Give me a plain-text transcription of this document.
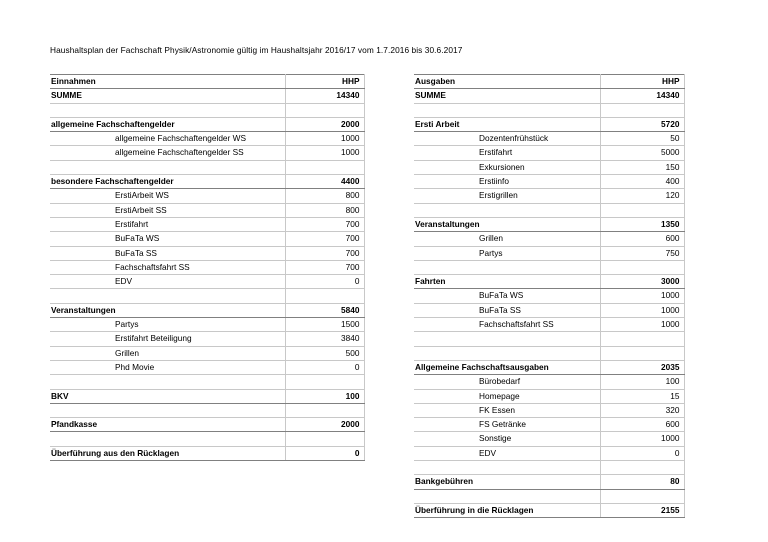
Haushaltsplan der Fachschaft Physik/Astronomie gültig im Haushaltsjahr 2016/17 vom 1.7.2016 bis 30.6.2017
Einnahmen	HHP
SUMME	14340

allgemeine Fachschaftengelder	2000
allgemeine Fachschaftengelder WS	1000
allgemeine Fachschaftengelder SS	1000

besondere Fachschaftengelder	4400
ErstiArbeit WS	800
ErstiArbeit SS	800
Erstifahrt	700
BuFaTa WS	700
BuFaTa SS	700
Fachschaftsfahrt SS	700
EDV	0

Veranstaltungen	5840
Partys	1500
Erstifahrt Beteiligung	3840
Grillen	500
Phd Movie	0

BKV	100

Pfandkasse	2000

Überführung aus den Rücklagen	0
Ausgaben	HHP
SUMME	14340

Ersti Arbeit	5720
Dozentenfrühstück	50
Erstifahrt	5000
Exkursionen	150
Erstiinfo	400
Erstigrillen	120

Veranstaltungen	1350
Grillen	600
Partys	750

Fahrten	3000
BuFaTa WS	1000
BuFaTa SS	1000
Fachschaftsfahrt SS	1000

Allgemeine Fachschaftsausgaben	2035
Bürobedarf	100
Homepage	15
FK Essen	320
FS Getränke	600
Sonstige	1000
EDV	0

Bankgebühren	80

Überführung in die Rücklagen	2155
